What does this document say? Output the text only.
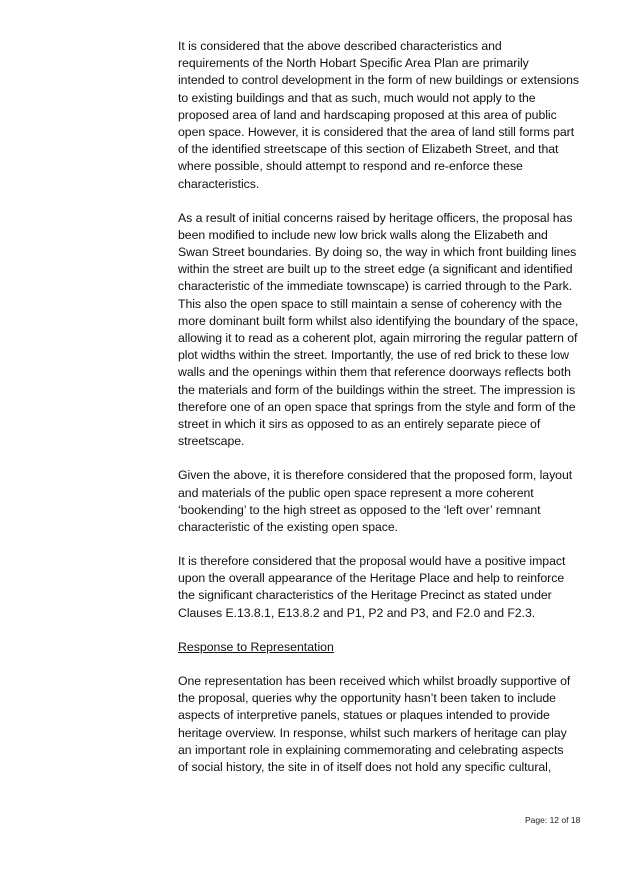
It is considered that the above described characteristics and
requirements of the North Hobart Specific Area Plan are primarily
intended to control development in the form of new buildings or extensions
to existing buildings and that as such, much would not apply to the
proposed area of land and hardscaping proposed at this area of public
open space. However, it is considered that the area of land still forms part
of the identified streetscape of this section of Elizabeth Street, and that
where possible, should attempt to respond and re-enforce these
characteristics.

As a result of initial concerns raised by heritage officers, the proposal has
been modified to include new low brick walls along the Elizabeth and
Swan Street boundaries. By doing so, the way in which front building lines
within the street are built up to the street edge (a significant and identified
characteristic of the immediate townscape) is carried through to the Park.
This also the open space to still maintain a sense of coherency with the
more dominant built form whilst also identifying the boundary of the space,
allowing it to read as a coherent plot, again mirroring the regular pattern of
plot widths within the street. Importantly, the use of red brick to these low
walls and the openings within them that reference doorways reflects both
the materials and form of the buildings within the street. The impression is
therefore one of an open space that springs from the style and form of the
street in which it sirs as opposed to as an entirely separate piece of
streetscape.

Given the above, it is therefore considered that the proposed form, layout
and materials of the public open space represent a more coherent
‘bookending’ to the high street as opposed to the ‘left over’ remnant
characteristic of the existing open space.

It is therefore considered that the proposal would have a positive impact
upon the overall appearance of the Heritage Place and help to reinforce
the significant characteristics of the Heritage Precinct as stated under
Clauses E.13.8.1, E13.8.2 and P1, P2 and P3, and F2.0 and F2.3.

Response to Representation

One representation has been received which whilst broadly supportive of
the proposal, queries why the opportunity hasn’t been taken to include
aspects of interpretive panels, statues or plaques intended to provide
heritage overview. In response, whilst such markers of heritage can play
an important role in explaining commemorating and celebrating aspects
of social history, the site in of itself does not hold any specific cultural,

Page: 12 of 18
